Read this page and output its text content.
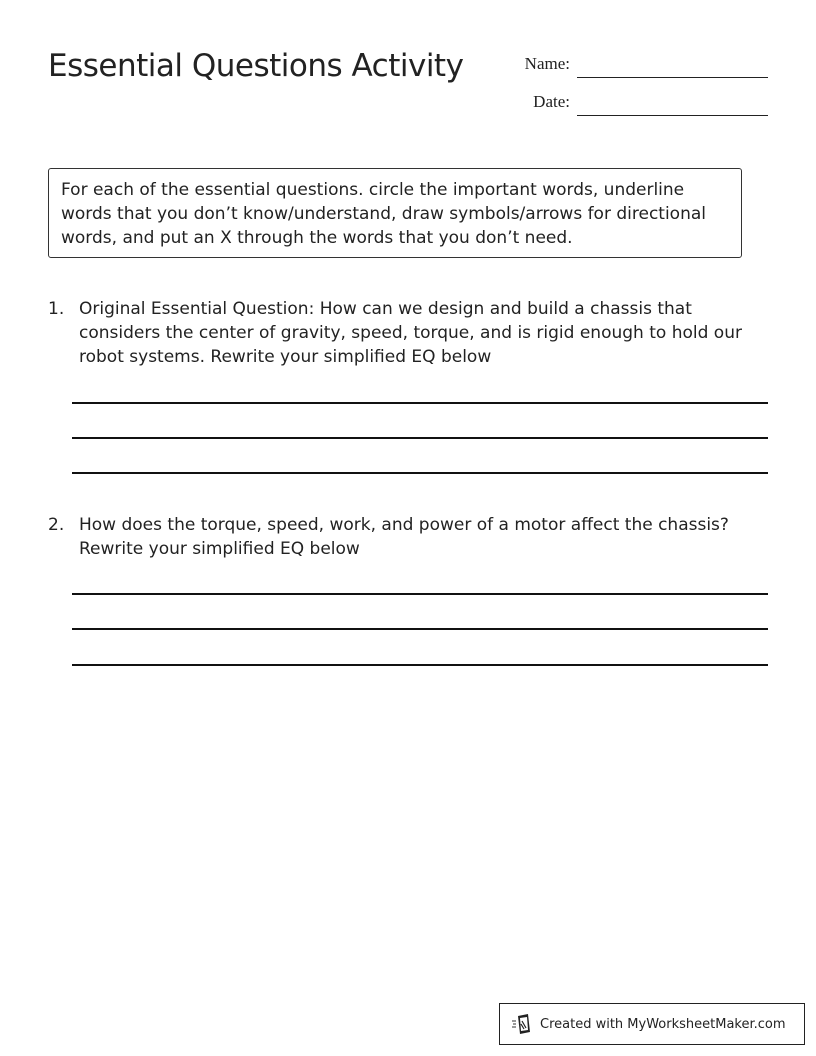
Essential Questions Activity	Name:
Date:
For each of the essential questions. circle the important words, underline words that you don’t know/understand, draw symbols/arrows for directional words, and put an X through the words that you don’t need.
1. Original Essential Question: How can we design and build a chassis that considers the center of gravity, speed, torque, and is rigid enough to hold our robot systems. Rewrite your simplified EQ below
2. How does the torque, speed, work, and power of a motor affect the chassis? Rewrite your simplified EQ below
Created with MyWorksheetMaker.com
